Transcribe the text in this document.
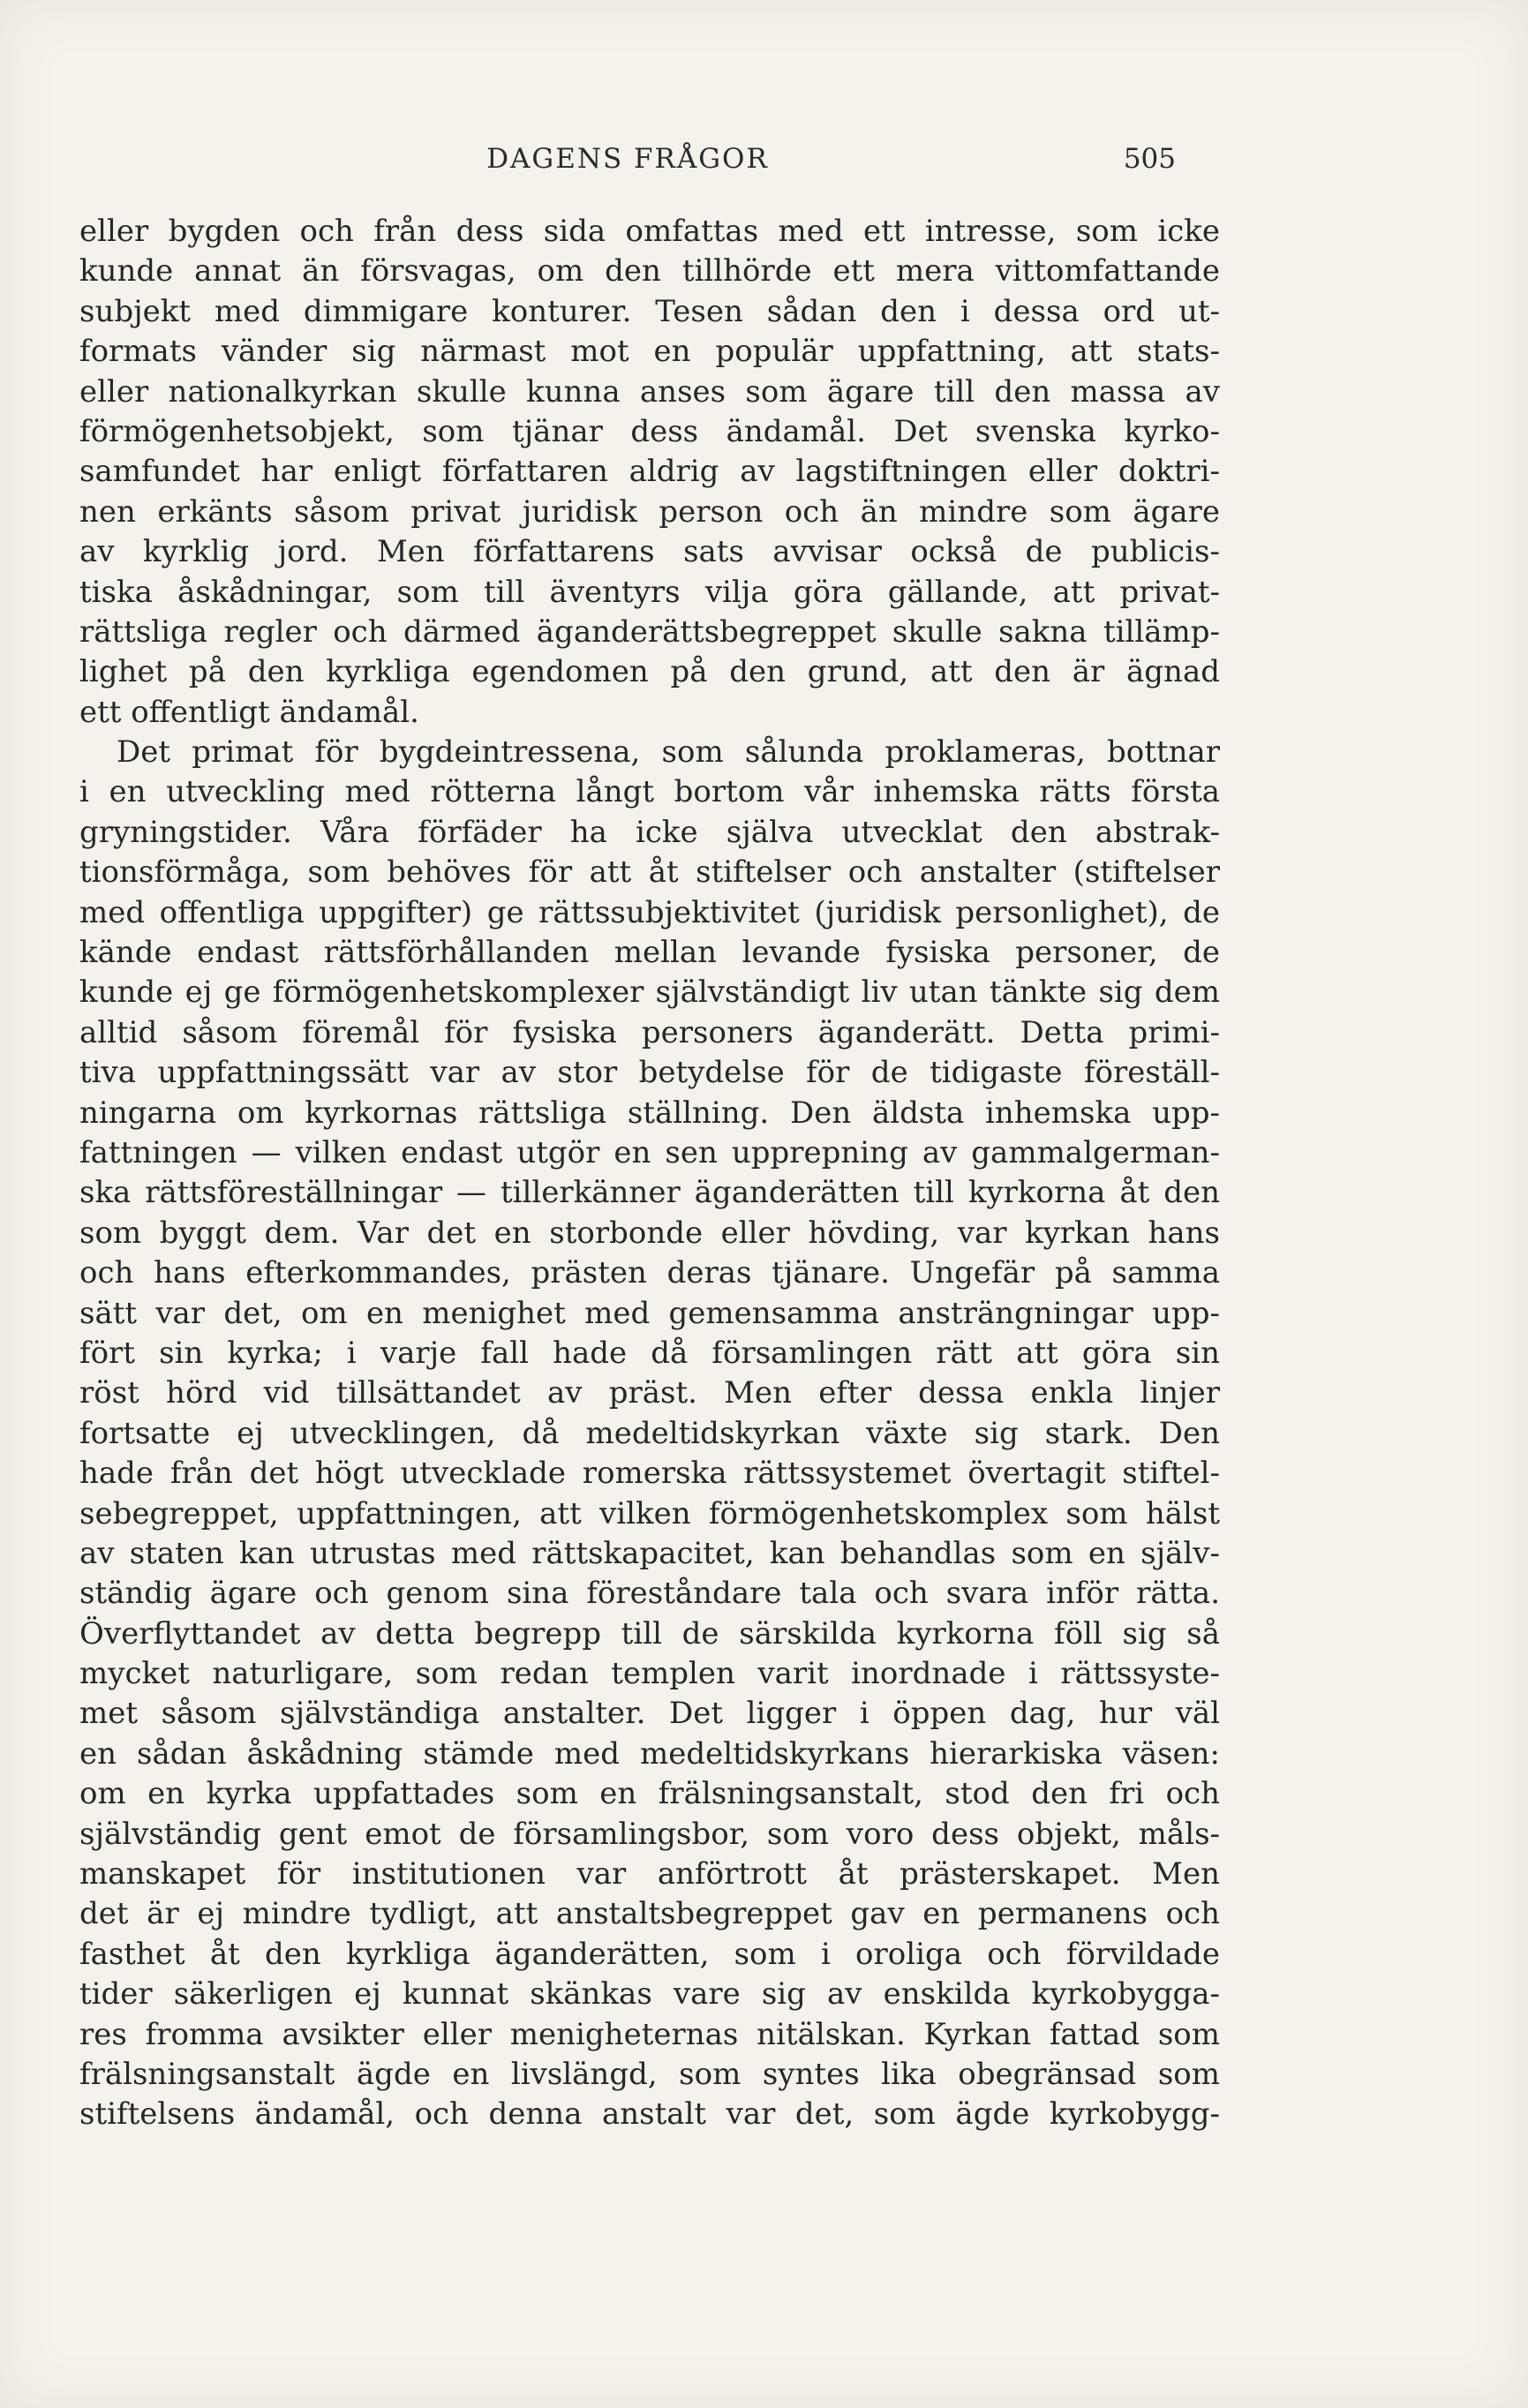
DAGENS FRÅGOR	505
eller bygden och från dess sida omfattas med ett intresse, som icke
kunde annat än försvagas, om den tillhörde ett mera vittomfattande
subjekt med dimmigare konturer. Tesen sådan den i dessa ord ut-
formats vänder sig närmast mot en populär uppfattning, att stats-
eller nationalkyrkan skulle kunna anses som ägare till den massa av
förmögenhetsobjekt, som tjänar dess ändamål. Det svenska kyrko-
samfundet har enligt författaren aldrig av lagstiftningen eller doktri-
nen erkänts såsom privat juridisk person och än mindre som ägare
av kyrklig jord. Men författarens sats avvisar också de publicis-
tiska åskådningar, som till äventyrs vilja göra gällande, att privat-
rättsliga regler och därmed äganderättsbegreppet skulle sakna tillämp-
lighet på den kyrkliga egendomen på den grund, att den är ägnad
ett offentligt ändamål.
Det primat för bygdeintressena, som sålunda proklameras, bottnar
i en utveckling med rötterna långt bortom vår inhemska rätts första
gryningstider. Våra förfäder ha icke själva utvecklat den abstrak-
tionsförmåga, som behöves för att åt stiftelser och anstalter (stiftelser
med offentliga uppgifter) ge rättssubjektivitet (juridisk personlighet), de
kände endast rättsförhållanden mellan levande fysiska personer, de
kunde ej ge förmögenhetskomplexer självständigt liv utan tänkte sig dem
alltid såsom föremål för fysiska personers äganderätt. Detta primi-
tiva uppfattningssätt var av stor betydelse för de tidigaste föreställ-
ningarna om kyrkornas rättsliga ställning. Den äldsta inhemska upp-
fattningen — vilken endast utgör en sen upprepning av gammalgerman-
ska rättsföreställningar — tillerkänner äganderätten till kyrkorna åt den
som byggt dem. Var det en storbonde eller hövding, var kyrkan hans
och hans efterkommandes, prästen deras tjänare. Ungefär på samma
sätt var det, om en menighet med gemensamma ansträngningar upp-
fört sin kyrka; i varje fall hade då församlingen rätt att göra sin
röst hörd vid tillsättandet av präst. Men efter dessa enkla linjer
fortsatte ej utvecklingen, då medeltidskyrkan växte sig stark. Den
hade från det högt utvecklade romerska rättssystemet övertagit stiftel-
sebegreppet, uppfattningen, att vilken förmögenhetskomplex som hälst
av staten kan utrustas med rättskapacitet, kan behandlas som en själv-
ständig ägare och genom sina föreståndare tala och svara inför rätta.
Överflyttandet av detta begrepp till de särskilda kyrkorna föll sig så
mycket naturligare, som redan templen varit inordnade i rättssyste-
met såsom självständiga anstalter. Det ligger i öppen dag, hur väl
en sådan åskådning stämde med medeltidskyrkans hierarkiska väsen:
om en kyrka uppfattades som en frälsningsanstalt, stod den fri och
självständig gent emot de församlingsbor, som voro dess objekt, måls-
manskapet för institutionen var anförtrott åt prästerskapet. Men
det är ej mindre tydligt, att anstaltsbegreppet gav en permanens och
fasthet åt den kyrkliga äganderätten, som i oroliga och förvildade
tider säkerligen ej kunnat skänkas vare sig av enskilda kyrkobygga-
res fromma avsikter eller menigheternas nitälskan. Kyrkan fattad som
frälsningsanstalt ägde en livslängd, som syntes lika obegränsad som
stiftelsens ändamål, och denna anstalt var det, som ägde kyrkobygg-
